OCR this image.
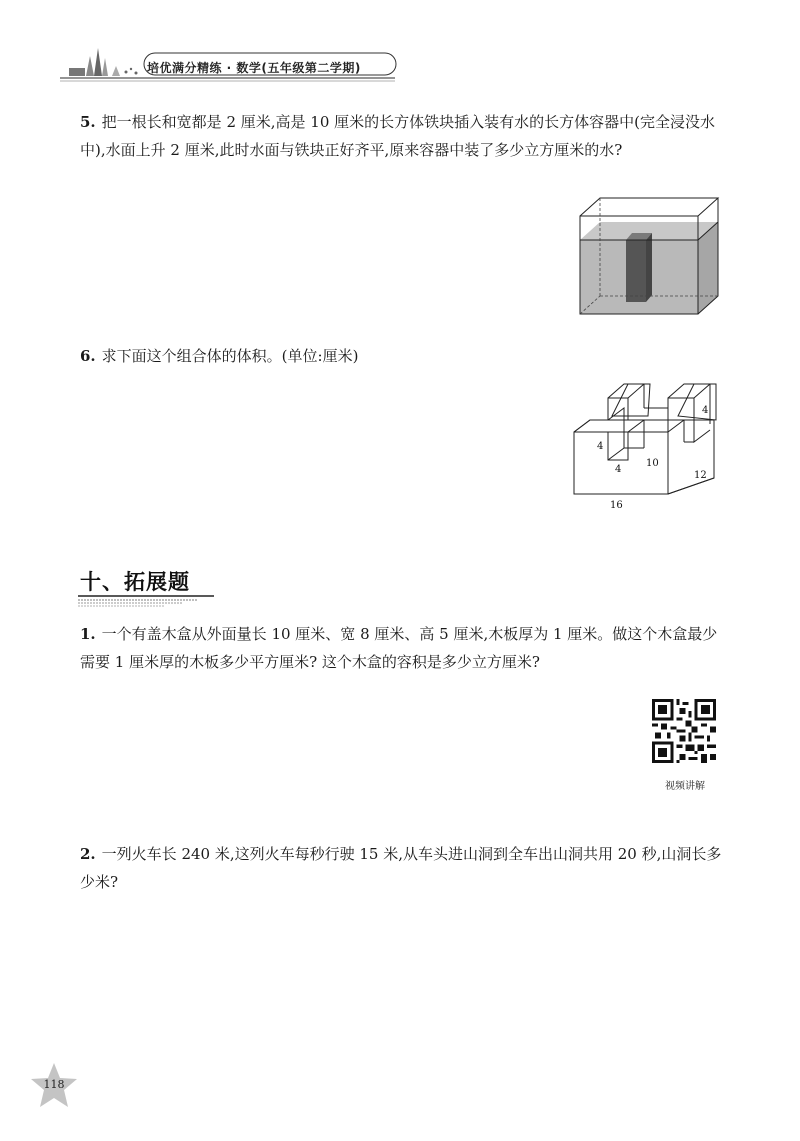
培优满分精练 · 数学(五年级第二学期)

5. 把一根长和宽都是 2 厘米,高是 10 厘米的长方体铁块插入装有水的长方体容器中(完全浸没水中),水面上升 2 厘米,此时水面与铁块正好齐平,原来容器中装了多少立方厘米的水?

6. 求下面这个组合体的体积。(单位:厘米)

4
4
4
10
12
16
十、拓展题

1. 一个有盖木盒从外面量长 10 厘米、宽 8 厘米、高 5 厘米,木板厚为 1 厘米。做这个木盒最少需要 1 厘米厚的木板多少平方厘米? 这个木盒的容积是多少立方厘米?

视频讲解

2. 一列火车长 240 米,这列火车每秒行驶 15 米,从车头进山洞到全车出山洞共用 20 秒,山洞长多少米?

118
